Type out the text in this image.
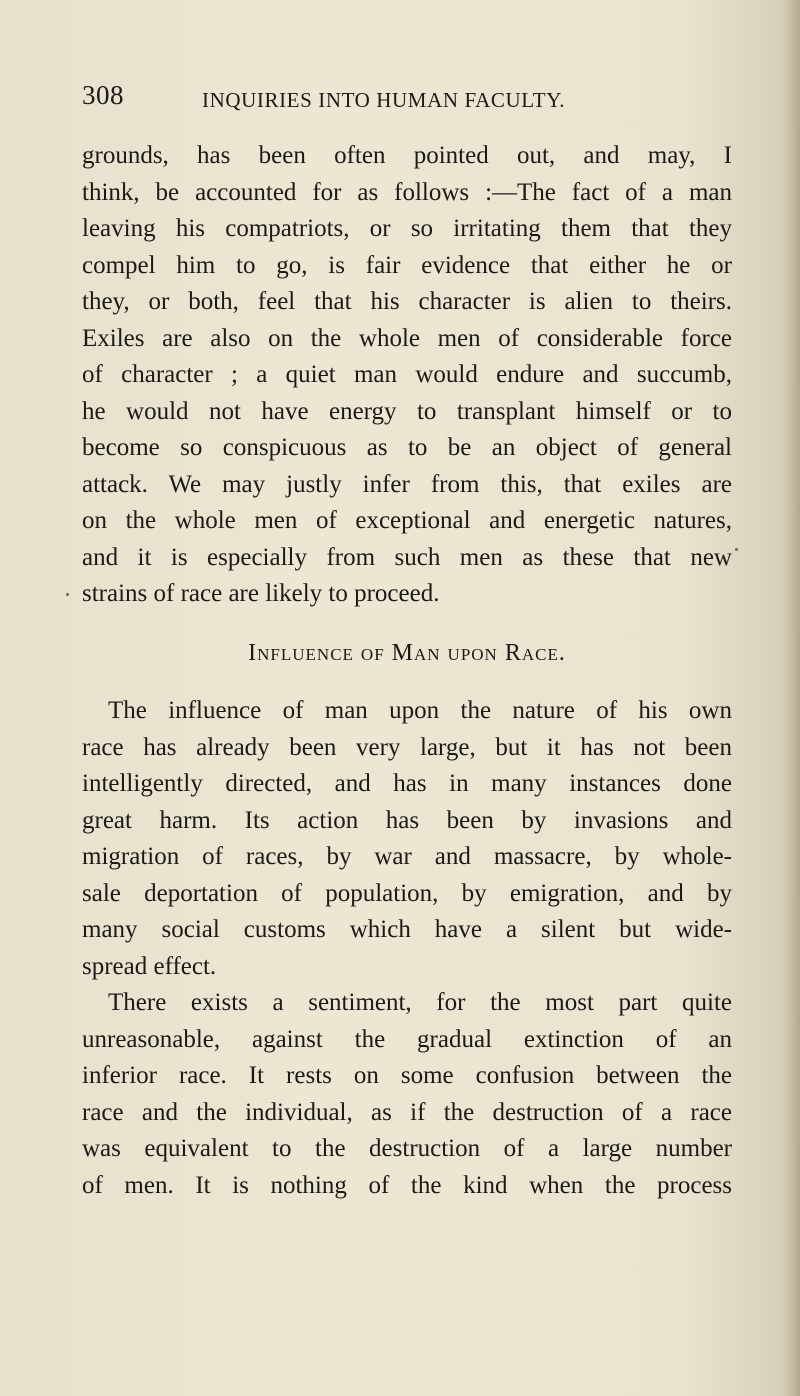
308	INQUIRIES INTO HUMAN FACULTY.
grounds, has been often pointed out, and may, I
think, be accounted for as follows :—The fact of a man
leaving his compatriots, or so irritating them that they
compel him to go, is fair evidence that either he or
they, or both, feel that his character is alien to theirs.
Exiles are also on the whole men of considerable force
of character ; a quiet man would endure and succumb,
he would not have energy to transplant himself or to
become so conspicuous as to be an object of general
attack. We may justly infer from this, that exiles are
on the whole men of exceptional and energetic natures,
and it is especially from such men as these that new
strains of race are likely to proceed.
Influence of Man upon Race.
The influence of man upon the nature of his own
race has already been very large, but it has not been
intelligently directed, and has in many instances done
great harm. Its action has been by invasions and
migration of races, by war and massacre, by whole-
sale deportation of population, by emigration, and by
many social customs which have a silent but wide-
spread effect.
There exists a sentiment, for the most part quite
unreasonable, against the gradual extinction of an
inferior race. It rests on some confusion between the
race and the individual, as if the destruction of a race
was equivalent to the destruction of a large number
of men. It is nothing of the kind when the process
